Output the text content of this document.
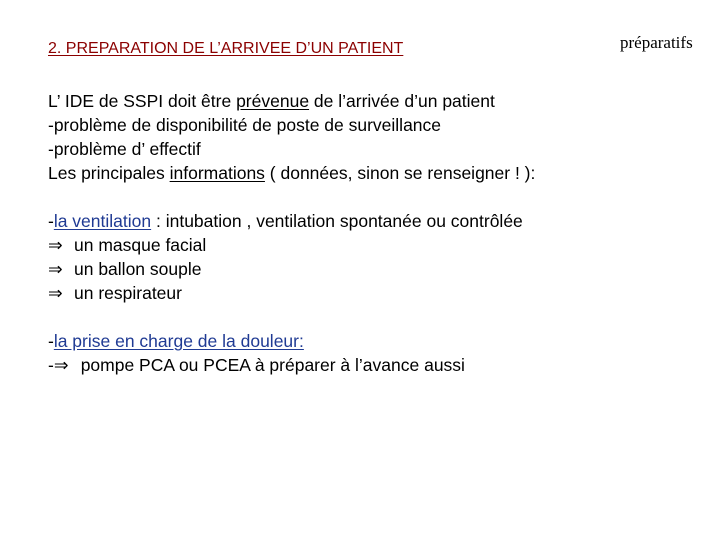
2. PREPARATION DE L’ARRIVEE D’UN PATIENT	préparatifs
L’ IDE de SSPI doit être prévenue de l’arrivée d’un patient
-problème de disponibilité de poste de surveillance
-problème d’ effectif
Les principales informations ( données, sinon se renseigner ! ):
-la ventilation : intubation , ventilation spontanée ou contrôlée
⇒ un masque facial
⇒ un ballon souple
⇒ un respirateur
-la prise en charge de la douleur:
-⇒ pompe PCA ou PCEA à préparer à l’avance aussi
